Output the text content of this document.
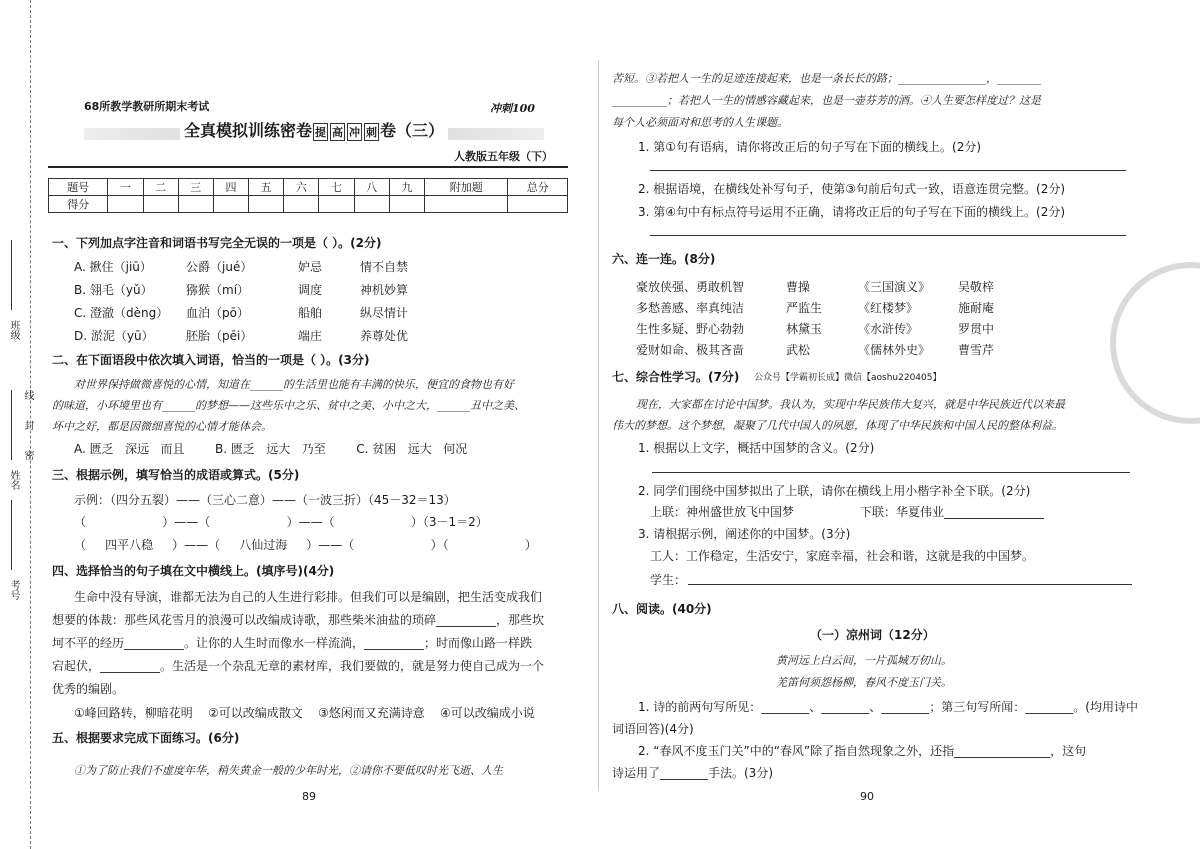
班级
姓名
考号
线
封
密
68所教学教研所期末考试	冲刺100
全真模拟训练密卷 提 高 冲 刺 卷（三）
人教版五年级（下）
题号	一	二	三	四	五	六	七	八	九	附加题	总分
得分											
一、下列加点字注音和词语书写完全无误的一项是（ ）。(2分)
A. 揪住（jiū）	公爵（jué）	妒忌	情不自禁
B. 翎毛（yǔ）	猕猴（mí）	调度	神机妙算
C. 澄澈（dèng） 血泊（pō）	船舶	纵尽情计
D. 淤泥（yū）	胚胎（pēi）	端庄	养尊处优
二、在下面语段中依次填入词语，恰当的一项是（ ）。(3分)
对世界保持做微喜悦的心情，知道在______的生活里也能有丰满的快乐，便宜的食物也有好
的味道，小环境里也有______的梦想——这些乐中之乐、贫中之美、小中之大，______丑中之美、
坏中之好，都是因微细喜悦的心情才能体会。
A. 匮乏   深远   而且        B. 匮乏   远大   乃至        C. 贫困   远大   何况
三、根据示例，填写恰当的成语或算式。(5分)
示例：（四分五裂）——（三心二意）——（一波三折）（45－32＝13）
（                    ）——（                    ）——（                    ）（3－1＝2）
（     四平八稳     ）——（     八仙过海     ）——（                    ）（                    ）
四、选择恰当的句子填在文中横线上。(填序号)(4分)
生命中没有导演，谁都无法为自己的人生进行彩排。但我们可以是编剧，把生活变成我们
想要的体裁：那些风花雪月的浪漫可以改编成诗歌，那些柴米油盐的琐碎__________，那些坎
坷不平的经历__________。让你的人生时而像水一样流淌，__________；时而像山路一样跌
宕起伏，__________。生活是一个杂乱无章的素材库，我们要做的，就是努力使自己成为一个
优秀的编剧。
①峰回路转，柳暗花明    ②可以改编成散文    ③悠闲而又充满诗意    ④可以改编成小说
五、根据要求完成下面练习。(6分)
①为了防止我们不虚度年华，稍失黄金一般的少年时光，②请你不要低叹时光飞逝、人生
89
苦短。③若把人一生的足迹连接起来，也是一条长长的路；________________，________
__________；若把人一生的情感容藏起来，也是一壶芬芳的酒。④人生要怎样度过？这是
每个人必须面对和思考的人生课题。
1. 第①句有语病，请你将改正后的句子写在下面的横线上。(2分)
2. 根据语境，在横线处补写句子，使第③句前后句式一致，语意连贯完整。(2分)
3. 第④句中有标点符号运用不正确，请将改正后的句子写在下面的横线上。(2分)
六、连一连。(8分)
豪放侠强、勇敢机智	曹操	《三国演义》 吴敬梓
多愁善感、率真纯洁	严监生	《红楼梦》	施耐庵
生性多疑、野心勃勃	林黛玉	《水浒传》	罗贯中
爱财如命、极其吝啬	武松	《儒林外史》 曹雪芹
七、综合性学习。(7分) 公众号【学霸初长成】微信【aoshu220405】
现在，大家都在讨论中国梦。我认为，实现中华民族伟大复兴，就是中华民族近代以来最
伟大的梦想。这个梦想，凝聚了几代中国人的夙愿，体现了中华民族和中国人民的整体利益。
1. 根据以上文字，概括中国梦的含义。(2分)
2. 同学们围绕中国梦拟出了上联，请你在横线上用小楷字补全下联。(2分)
上联：神州盛世放飞中国梦	下联：华夏伟业
3. 请根据示例，阐述你的中国梦。(3分)
工人：工作稳定，生活安宁，家庭幸福，社会和谐，这就是我的中国梦。
学生：
八、阅读。(40分)
（一）凉州词（12分）
黄河远上白云间，一片孤城万仞山。
羌笛何须怨杨柳，春风不度玉门关。
1. 诗的前两句写所见：________、________、________；第三句写所闻：________。(均用诗中
词语回答)(4分)
2. “春风不度玉门关”中的“春风”除了指自然现象之外，还指________________，这句
诗运用了________手法。(3分)
90
